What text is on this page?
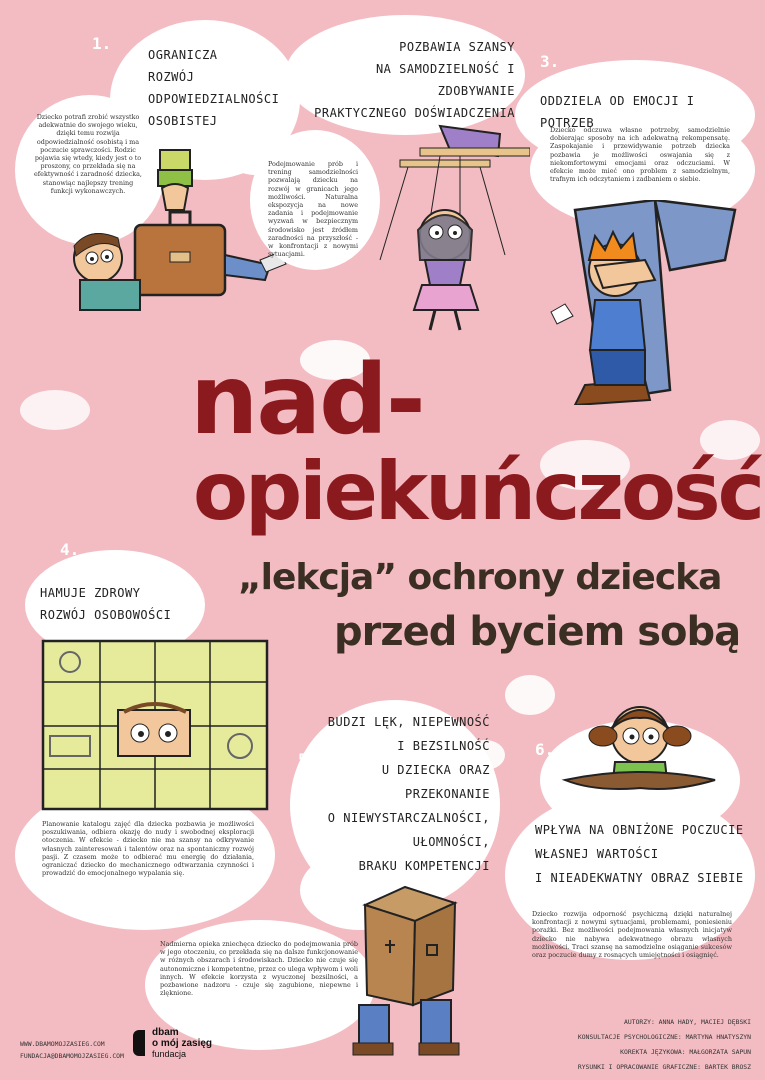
1.
OGRANICZA
ROZWÓJ
ODPOWIEDZIALNOŚCI
OSOBISTEJ
Dziecko potrafi zrobić wszystko adekwatnie do swojego wieku, dzięki temu rozwija odpowiedzialność osobistą i ma poczucie sprawczości. Rodzic pojawia się wtedy, kiedy jest o to proszony, co przekłada się na efektywność i zaradność dziecka, stanowiąc najlepszy trening funkcji wykonawczych.
2.
POZBAWIA SZANSY
NA SAMODZIELNOŚĆ I ZDOBYWANIE
PRAKTYCZNEGO DOŚWIADCZENIA
Podejmowanie prób i trening samodzielności pozwalają dziecku na rozwój w granicach jego możliwości. Naturalna ekspozycja na nowe zadania i podejmowanie wyzwań w bezpiecznym środowisko jest źródłem zaradności na przyszłość - w konfrontacji z nowymi sytuacjami.
3.
ODDZIELA OD EMOCJI I POTRZEB
Dziecko odczuwa własne potrzeby, samodzielnie dobierając sposoby na ich adekwatną rekompensatę. Zaspokajanie i przewidywanie potrzeb dziecka pozbawia je możliwości oswajania się z niekomfortowymi emocjami oraz odczuciami. W efekcie może mieć ono problem z samodzielnym, trafnym ich odczytaniem i zadbaniem o siebie.
nad-
opiekuńczość
„lekcja” ochrony dziecka
przed byciem sobą
4.
HAMUJE ZDROWY
ROZWÓJ OSOBOWOŚCI
Planowanie katalogu zajęć dla dziecka pozbawia je możliwości poszukiwania, odbiera okazję do nudy i swobodnej eksploracji otoczenia. W efekcie - dziecko nie ma szansy na odkrywanie własnych zainteresowań i talentów oraz na spontaniczny rozwój pasji. Z czasem może to odbierać mu energię do działania, ograniczać dziecko do mechanicznego odtwarzania czynności i prowadzić do emocjonalnego wypalania się.
5.
BUDZI LĘK, NIEPEWNOŚĆ
I BEZSILNOŚĆ
U DZIECKA ORAZ
PRZEKONANIE
O NIEWYSTARCZALNOŚCI,
UŁOMNOŚCI,
BRAKU KOMPETENCJI
Nadmierna opieka zniechęca dziecko do podejmowania prób w jego otoczeniu, co przekłada się na dalsze funkcjonowanie w różnych obszarach i środowiskach. Dziecko nie czuje się autonomiczne i kompetentne, przez co ulega wpływom i woli innych. W efekcie korzysta z wyuczonej bezsilności, a pozbawione nadzoru - czuje się zagubione, niepewne i zlęknione.
6.
WPŁYWA NA OBNIŻONE POCZUCIE
WŁASNEJ WARTOŚCI
I NIEADEKWATNY OBRAZ SIEBIE
Dziecko rozwija odporność psychiczną dzięki naturalnej konfrontacji z nowymi sytuacjami, problemami, poniesieniu porażki. Bez możliwości podejmowania własnych inicjatyw dziecko nie nabywa adekwatnego obrazu własnych możliwości. Traci szansę na samodzielne osiąganie sukcesów oraz poczucie dumy z rosnących umiejętności i osiągnięć.
WWW.DBAMOMOJZASIEG.COM
FUNDACJA@DBAMOMOJZASIEG.COM
dbam
o mój zasięg
fundacja
AUTORZY: ANNA HADY, MACIEJ DĘBSKI
KONSULTACJE PSYCHOLOGICZNE: MARTYNA HNATYSZYN
KOREKTA JĘZYKOWA: MAŁGORZATA SAPUN
RYSUNKI I OPRACOWANIE GRAFICZNE: BARTEK BROSZ
